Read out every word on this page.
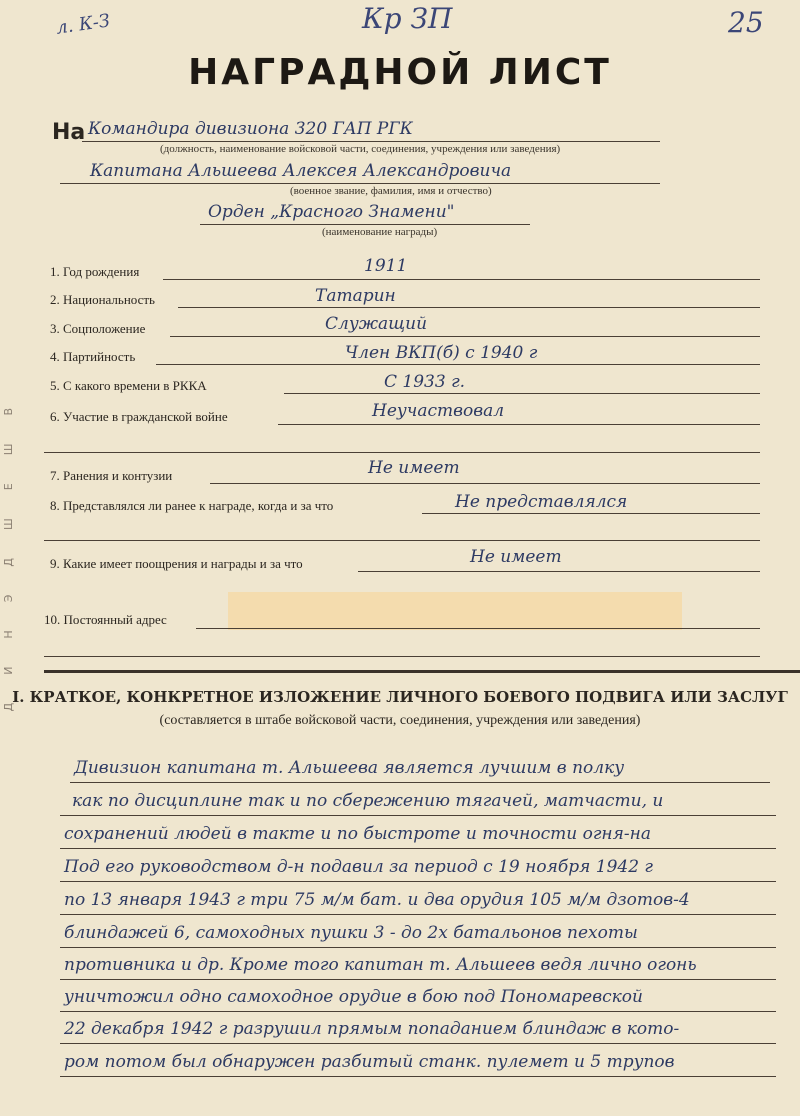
л. К-З	Кр ЗП	25
ДИНЭДШЕШВ
НАГРАДНОЙ ЛИСТ
На Командира дивизиона 320 ГАП РГК
(должность, наименование войсковой части, соединения, учреждения или заведения)
Капитана Альшеева Алексея Александровича
(военное звание, фамилия, имя и отчество)
Орден „Красного Знамени"
(наименование награды)
1. Год рождения	1911
2. Национальность	Татарин
3. Соцположение	Служащий
4. Партийность	Член ВКП(б) с 1940 г
5. С какого времени в РККА	С 1933 г.
6. Участие в гражданской войне	Неучаствовал
7. Ранения и контузии	Не имеет
8. Представлялся ли ранее к награде, когда и за что	Не представлялся
9. Какие имеет поощрения и награды и за что	Не имеет
10. Постоянный адрес
I. КРАТКОЕ, КОНКРЕТНОЕ ИЗЛОЖЕНИЕ ЛИЧНОГО БОЕВОГО ПОДВИГА ИЛИ ЗАСЛУГ
(составляется в штабе войсковой части, соединения, учреждения или заведения)
Дивизион капитана т. Альшеева является лучшим в полку
как по дисциплине так и по сбережению тягачей, матчасти, и
сохранений людей в такте и по быстроте и точности огня-на
Под его руководством д-н подавил за период с 19 ноября 1942 г
по 13 января 1943 г три 75 м/м бат. и два орудия 105 м/м дзотов-4
блиндажей 6, самоходных пушки 3 - до 2х батальонов пехоты
противника и др. Кроме того капитан т. Альшеев ведя лично огонь
уничтожил одно самоходное орудие в бою под Пономаревской
22 декабря 1942 г разрушил прямым попаданием блиндаж в кото-
ром потом был обнаружен разбитый станк. пулемет и 5 трупов
